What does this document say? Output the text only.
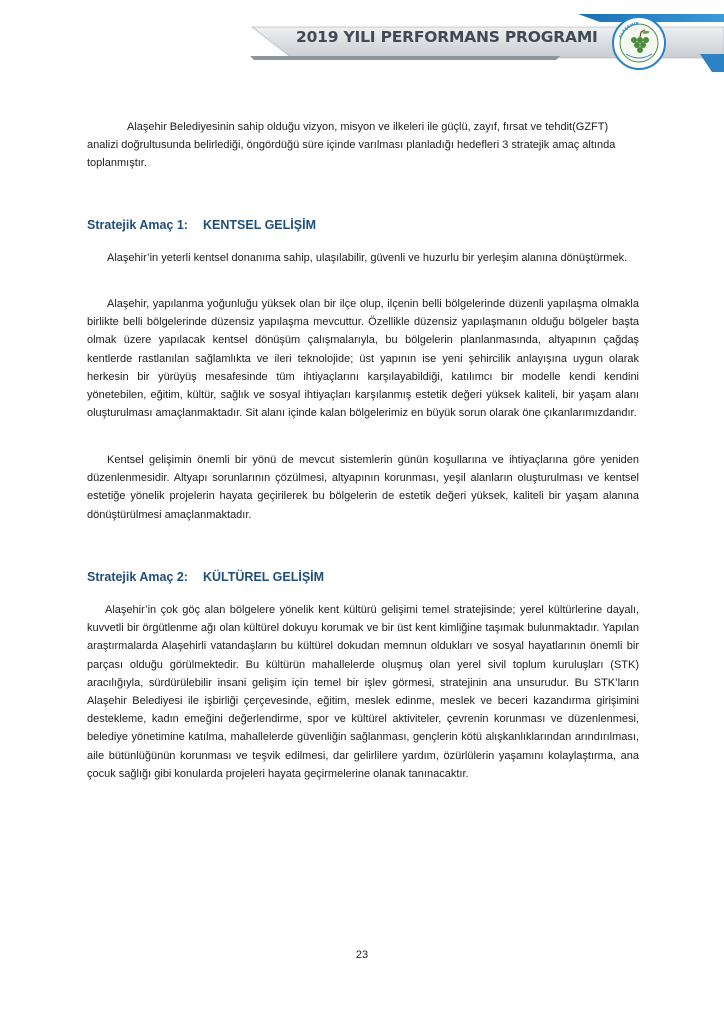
2019 YILI PERFORMANS PROGRAMI	ALAŞEHİR

Alaşehir Belediyesinin sahip olduğu vizyon, misyon ve ilkeleri ile güçlü, zayıf, fırsat ve tehdit(GZFT) analizi doğrultusunda belirlediği, öngördüğü süre içinde varılması planladığı hedefleri 3 stratejik amaç altında toplanmıştır.

Stratejik Amaç 1: KENTSEL GELİŞİM

Alaşehir’in yeterli kentsel donanıma sahip, ulaşılabilir, güvenli ve huzurlu bir yerleşim alanına dönüştürmek.

Alaşehir, yapılanma yoğunluğu yüksek olan bir ilçe olup, ilçenin belli bölgelerinde düzenli yapılaşma olmakla birlikte belli bölgelerinde düzensiz yapılaşma mevcuttur. Özellikle düzensiz yapılaşmanın olduğu bölgeler başta olmak üzere yapılacak kentsel dönüşüm çalışmalarıyla, bu bölgelerin planlanmasında, altyapının çağdaş kentlerde rastlanılan sağlamlıkta ve ileri teknolojide; üst yapının ise yeni şehircilik anlayışına uygun olarak herkesin bir yürüyüş mesafesinde tüm ihtiyaçlarını karşılayabildiği, katılımcı bir modelle kendi kendini yönetebilen, eğitim, kültür, sağlık ve sosyal ihtiyaçları karşılanmış estetik değeri yüksek kaliteli, bir yaşam alanı oluşturulması amaçlanmaktadır. Sit alanı içinde kalan bölgelerimiz en büyük sorun olarak öne çıkanlarımızdandır.

Kentsel gelişimin önemli bir yönü de mevcut sistemlerin günün koşullarına ve ihtiyaçlarına göre yeniden düzenlenmesidir. Altyapı sorunlarının çözülmesi, altyapının korunması, yeşil alanların oluşturulması ve kentsel estetiğe yönelik projelerin hayata geçirilerek bu bölgelerin de estetik değeri yüksek, kaliteli bir yaşam alanına dönüştürülmesi amaçlanmaktadır.

Stratejik Amaç 2: KÜLTÜREL GELİŞİM

Alaşehir’in çok göç alan bölgelere yönelik kent kültürü gelişimi temel stratejisinde; yerel kültürlerine dayalı, kuvvetli bir örgütlenme ağı olan kültürel dokuyu korumak ve bir üst kent kimliğine taşımak bulunmaktadır. Yapılan araştırmalarda Alaşehirli vatandaşların bu kültürel dokudan memnun oldukları ve sosyal hayatlarının önemli bir parçası olduğu görülmektedir. Bu kültürün mahallelerde oluşmuş olan yerel sivil toplum kuruluşları (STK) aracılığıyla, sürdürülebilir insani gelişim için temel bir işlev görmesi, stratejinin ana unsurudur. Bu STK’ların Alaşehir Belediyesi ile işbirliği çerçevesinde, eğitim, meslek edinme, meslek ve beceri kazandırma girişimini destekleme, kadın emeğini değerlendirme, spor ve kültürel aktiviteler, çevrenin korunması ve düzenlenmesi, belediye yönetimine katılma, mahallelerde güvenliğin sağlanması, gençlerin kötü alışkanlıklarından arındırılması, aile bütünlüğünün korunması ve teşvik edilmesi, dar gelirlilere yardım, özürlülerin yaşamını kolaylaştırma, ana çocuk sağlığı gibi konularda projeleri hayata geçirmelerine olanak tanınacaktır.

23
